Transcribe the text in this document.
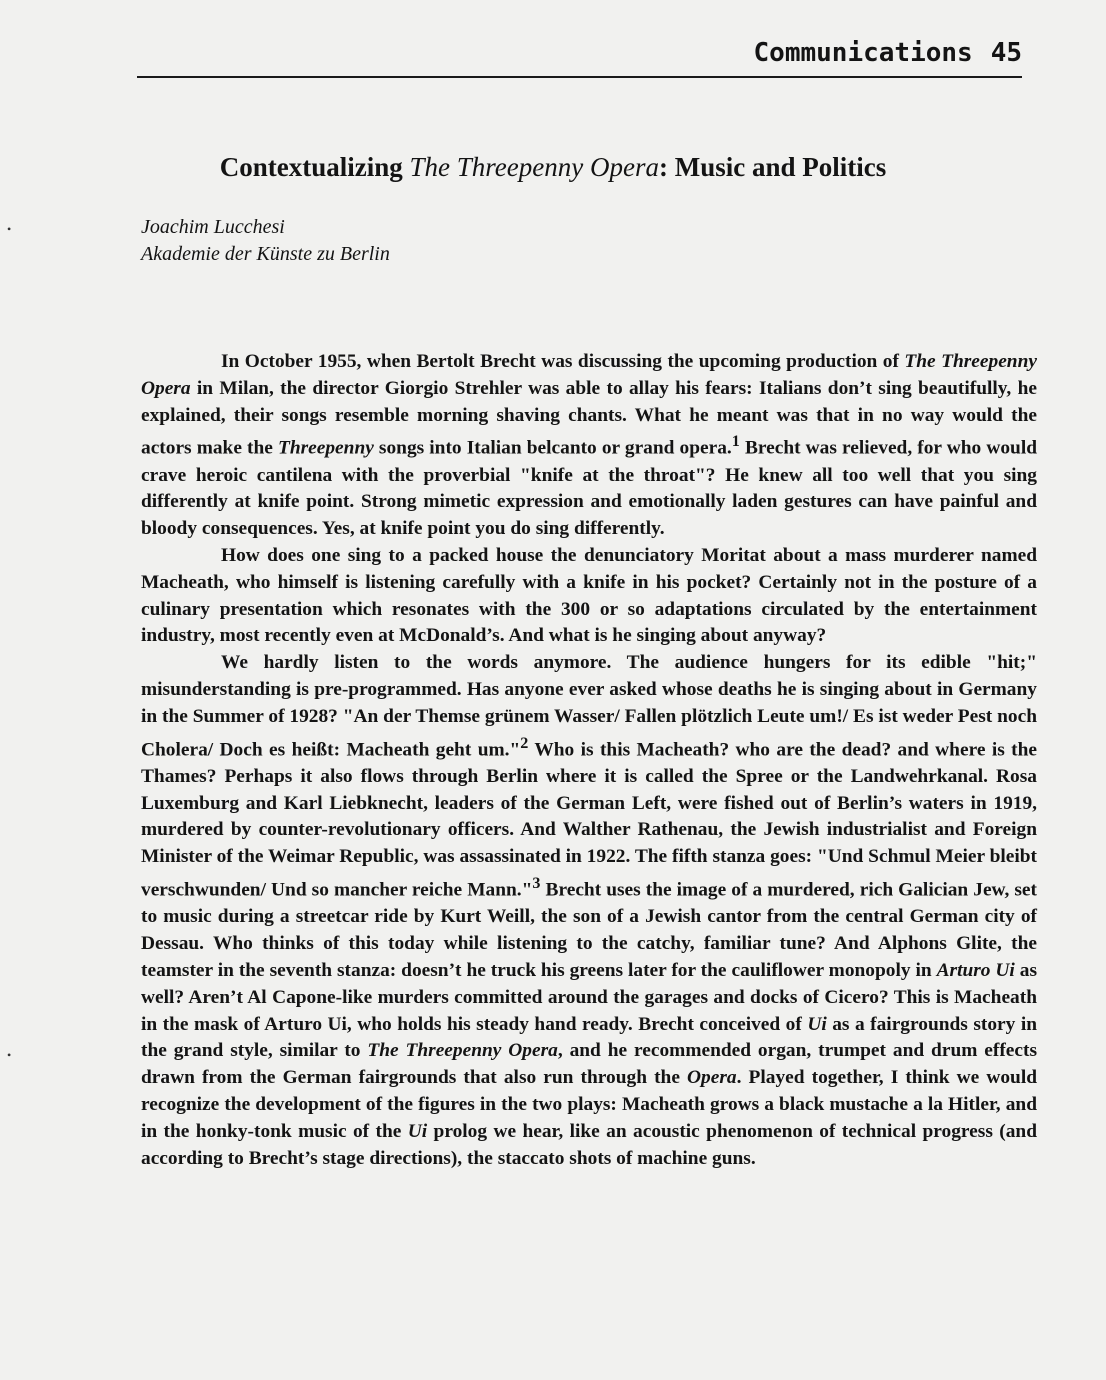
Communications 45
Contextualizing The Threepenny Opera: Music and Politics
Joachim Lucchesi
Akademie der Künste zu Berlin

In October 1955, when Bertolt Brecht was discussing the upcoming production of The Threepenny Opera in Milan, the director Giorgio Strehler was able to allay his fears: Italians don’t sing beautifully, he explained, their songs resemble morning shaving chants. What he meant was that in no way would the actors make the Threepenny songs into Italian belcanto or grand opera.$^1$ Brecht was relieved, for who would crave heroic cantilena with the proverbial "knife at the throat"? He knew all too well that you sing differently at knife point. Strong mimetic expression and emotionally laden gestures can have painful and bloody consequences. Yes, at knife point you do sing differently.

How does one sing to a packed house the denunciatory Moritat about a mass murderer named Macheath, who himself is listening carefully with a knife in his pocket? Certainly not in the posture of a culinary presentation which resonates with the 300 or so adaptations circulated by the entertainment industry, most recently even at McDonald’s. And what is he singing about anyway?

We hardly listen to the words anymore. The audience hungers for its edible "hit;" misunderstanding is pre-programmed. Has anyone ever asked whose deaths he is singing about in Germany in the Summer of 1928? "An der Themse grünem Wasser/ Fallen plötzlich Leute um!/ Es ist weder Pest noch Cholera/ Doch es heißt: Macheath geht um."$^2$ Who is this Macheath? who are the dead? and where is the Thames? Perhaps it also flows through Berlin where it is called the Spree or the Landwehrkanal. Rosa Luxemburg and Karl Liebknecht, leaders of the German Left, were fished out of Berlin’s waters in 1919, murdered by counter-revolutionary officers. And Walther Rathenau, the Jewish industrialist and Foreign Minister of the Weimar Republic, was assassinated in 1922. The fifth stanza goes: "Und Schmul Meier bleibt verschwunden/ Und so mancher reiche Mann."$^3$ Brecht uses the image of a murdered, rich Galician Jew, set to music during a streetcar ride by Kurt Weill, the son of a Jewish cantor from the central German city of Dessau. Who thinks of this today while listening to the catchy, familiar tune? And Alphons Glite, the teamster in the seventh stanza: doesn’t he truck his greens later for the cauliflower monopoly in Arturo Ui as well? Aren’t Al Capone-like murders committed around the garages and docks of Cicero? This is Macheath in the mask of Arturo Ui, who holds his steady hand ready. Brecht conceived of Ui as a fairgrounds story in the grand style, similar to The Threepenny Opera, and he recommended organ, trumpet and drum effects drawn from the German fairgrounds that also run through the Opera. Played together, I think we would recognize the development of the figures in the two plays: Macheath grows a black mustache a la Hitler, and in the honky-tonk music of the Ui prolog we hear, like an acoustic phenomenon of technical progress (and according to Brecht’s stage directions), the staccato shots of machine guns.

•
•
